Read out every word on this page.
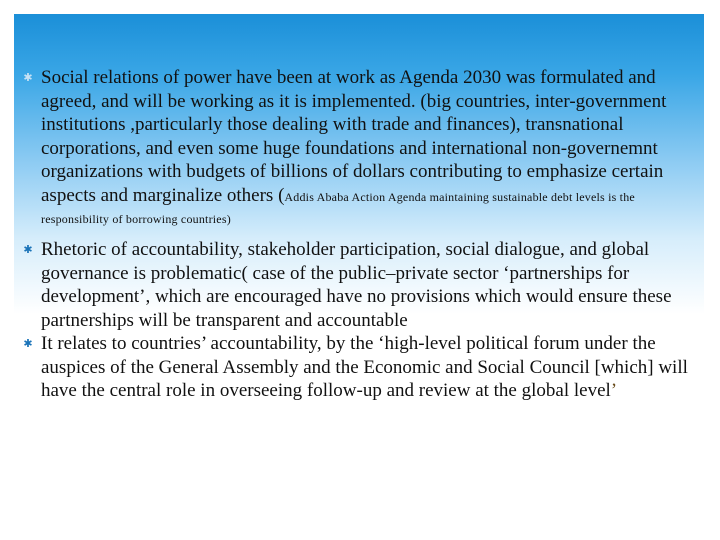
✱ Social relations of power have been at work as Agenda 2030 was formulated and agreed, and will be working as it is implemented. (big countries, inter-government institutions ,particularly those dealing with trade and finances), transnational corporations, and even some huge foundations and international non-governemnt organizations with budgets of billions of dollars contributing to emphasize certain aspects and marginalize others (Addis Ababa Action Agenda maintaining sustainable debt levels is the
responsibility of borrowing countries)
✱ Rhetoric of accountability, stakeholder participation, social dialogue, and global governance is problematic( case of the public–private sector ‘partnerships for development’, which are encouraged have no provisions which would ensure these partnerships will be transparent and accountable
✱ It relates to countries’ accountability, by the ‘high-level political forum under the auspices of the General Assembly and the Economic and Social Council [which] will have the central role in overseeing follow-up and review at the global level’
